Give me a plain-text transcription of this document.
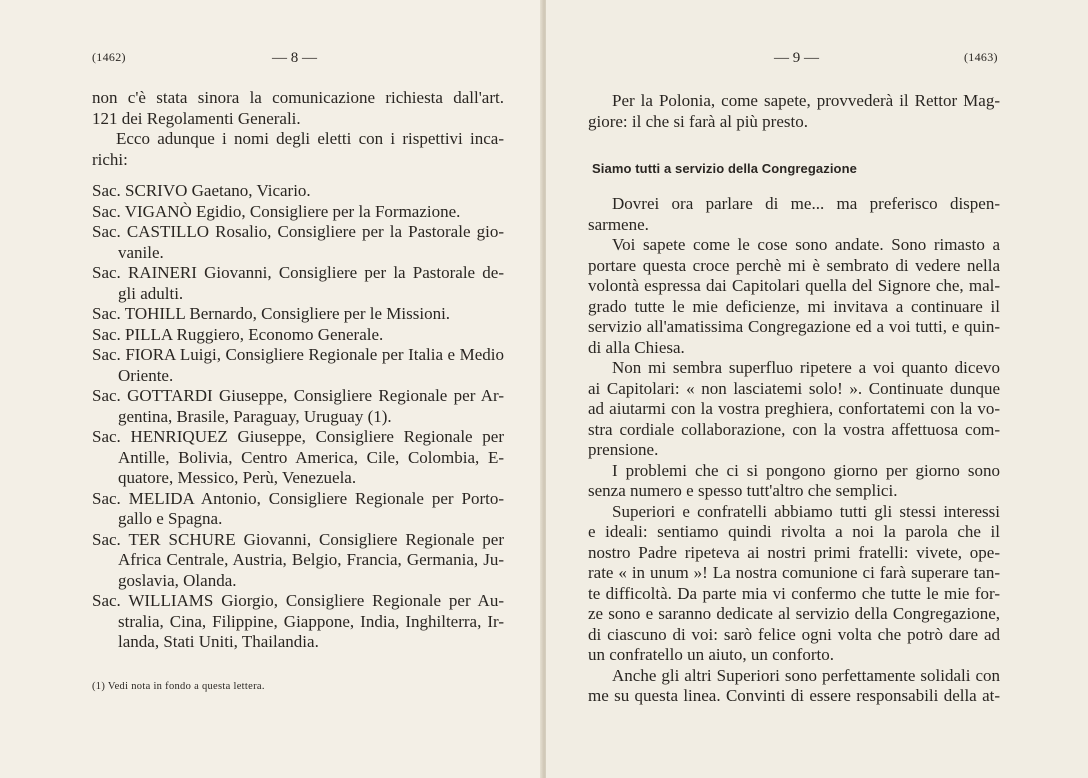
(1462)	— 8 —
non c'è stata sinora la comunicazione richiesta dall'art.
121 dei Regolamenti Generali.
Ecco adunque i nomi degli eletti con i rispettivi inca-
richi:
Sac. SCRIVO Gaetano, Vicario.
Sac. VIGANÒ Egidio, Consigliere per la Formazione.
Sac. CASTILLO Rosalio, Consigliere per la Pastorale gio-
vanile.
Sac. RAINERI Giovanni, Consigliere per la Pastorale de-
gli adulti.
Sac. TOHILL Bernardo, Consigliere per le Missioni.
Sac. PILLA Ruggiero, Economo Generale.
Sac. FIORA Luigi, Consigliere Regionale per Italia e Medio
Oriente.
Sac. GOTTARDI Giuseppe, Consigliere Regionale per Ar-
gentina, Brasile, Paraguay, Uruguay (1).
Sac. HENRIQUEZ Giuseppe, Consigliere Regionale per
Antille, Bolivia, Centro America, Cile, Colombia, E-
quatore, Messico, Perù, Venezuela.
Sac. MELIDA Antonio, Consigliere Regionale per Porto-
gallo e Spagna.
Sac. TER SCHURE Giovanni, Consigliere Regionale per
Africa Centrale, Austria, Belgio, Francia, Germania, Ju-
goslavia, Olanda.
Sac. WILLIAMS Giorgio, Consigliere Regionale per Au-
stralia, Cina, Filippine, Giappone, India, Inghilterra, Ir-
landa, Stati Uniti, Thailandia.
(1) Vedi nota in fondo a questa lettera.
— 9 —	(1463)
Per la Polonia, come sapete, provvederà il Rettor Mag-
giore: il che si farà al più presto.
Siamo tutti a servizio della Congregazione
Dovrei ora parlare di me... ma preferisco dispen-
sarmene.
Voi sapete come le cose sono andate. Sono rimasto a
portare questa croce perchè mi è sembrato di vedere nella
volontà espressa dai Capitolari quella del Signore che, mal-
grado tutte le mie deficienze, mi invitava a continuare il
servizio all'amatissima Congregazione ed a voi tutti, e quin-
di alla Chiesa.
Non mi sembra superfluo ripetere a voi quanto dicevo
ai Capitolari: « non lasciatemi solo! ». Continuate dunque
ad aiutarmi con la vostra preghiera, confortatemi con la vo-
stra cordiale collaborazione, con la vostra affettuosa com-
prensione.
I problemi che ci si pongono giorno per giorno sono
senza numero e spesso tutt'altro che semplici.
Superiori e confratelli abbiamo tutti gli stessi interessi
e ideali: sentiamo quindi rivolta a noi la parola che il
nostro Padre ripeteva ai nostri primi fratelli: vivete, ope-
rate « in unum »! La nostra comunione ci farà superare tan-
te difficoltà. Da parte mia vi confermo che tutte le mie for-
ze sono e saranno dedicate al servizio della Congregazione,
di ciascuno di voi: sarò felice ogni volta che potrò dare ad
un confratello un aiuto, un conforto.
Anche gli altri Superiori sono perfettamente solidali con
me su questa linea. Convinti di essere responsabili della at-
